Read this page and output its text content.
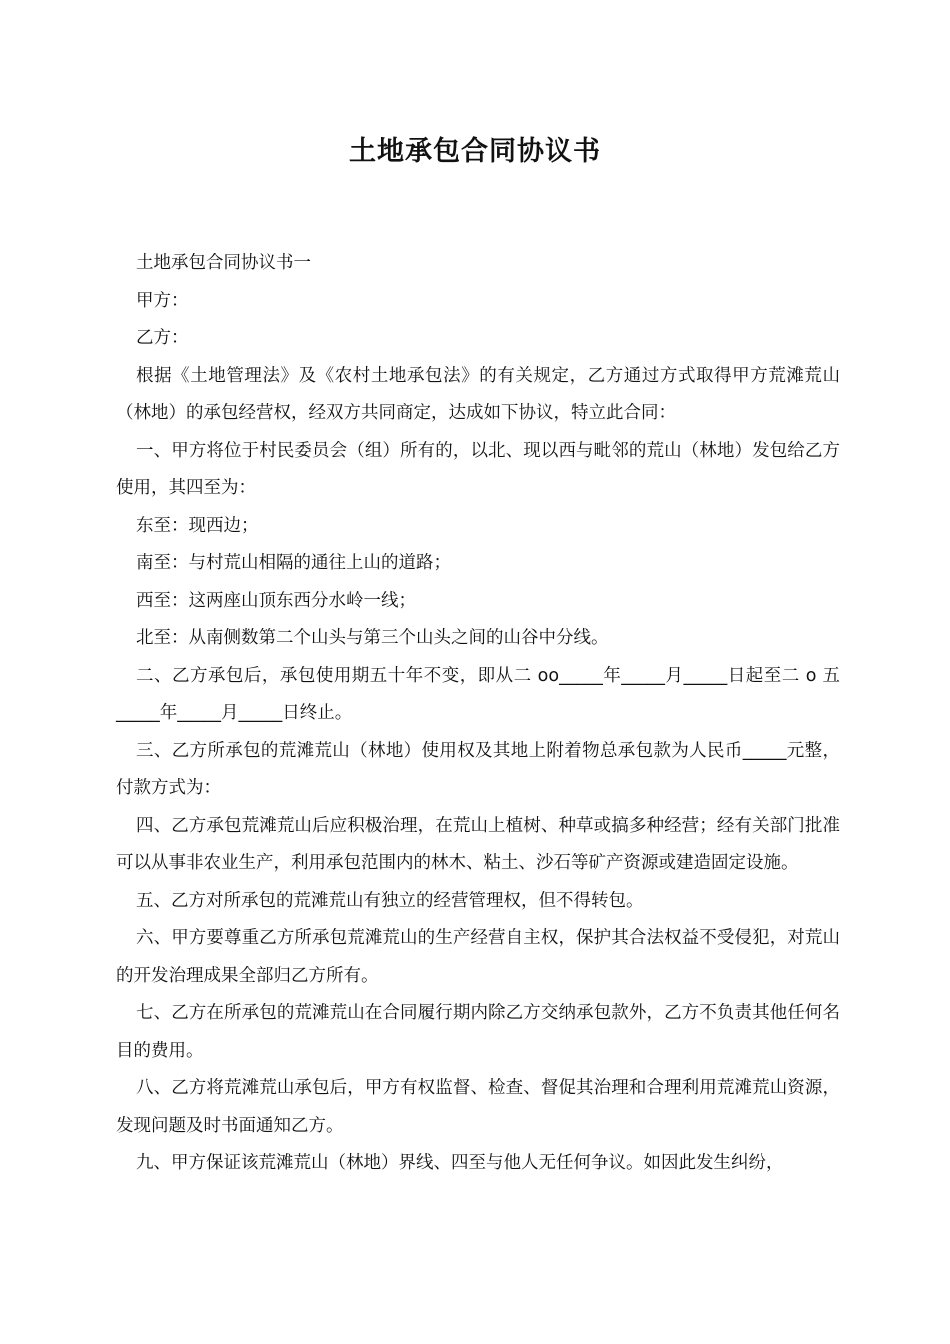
土地承包合同协议书

土地承包合同协议书一

甲方：

乙方：

根据《土地管理法》及《农村土地承包法》的有关规定，乙方通过方式取得甲方荒滩荒山（林地）的承包经营权，经双方共同商定，达成如下协议，特立此合同：

一、甲方将位于村民委员会（组）所有的，以北、现以西与毗邻的荒山（林地）发包给乙方使用，其四至为：

东至：现西边；

南至：与村荒山相隔的通往上山的道路；

西至：这两座山顶东西分水岭一线；

北至：从南侧数第二个山头与第三个山头之间的山谷中分线。

二、乙方承包后，承包使用期五十年不变，即从二 oo_____年_____月_____日起至二 o 五_____年_____月_____日终止。

三、乙方所承包的荒滩荒山（林地）使用权及其地上附着物总承包款为人民币_____元整，付款方式为：

四、乙方承包荒滩荒山后应积极治理，在荒山上植树、种草或搞多种经营；经有关部门批准可以从事非农业生产，利用承包范围内的林木、粘土、沙石等矿产资源或建造固定设施。

五、乙方对所承包的荒滩荒山有独立的经营管理权，但不得转包。

六、甲方要尊重乙方所承包荒滩荒山的生产经营自主权，保护其合法权益不受侵犯，对荒山的开发治理成果全部归乙方所有。

七、乙方在所承包的荒滩荒山在合同履行期内除乙方交纳承包款外，乙方不负责其他任何名目的费用。

八、乙方将荒滩荒山承包后，甲方有权监督、检查、督促其治理和合理利用荒滩荒山资源，发现问题及时书面通知乙方。

九、甲方保证该荒滩荒山（林地）界线、四至与他人无任何争议。如因此发生纠纷，
